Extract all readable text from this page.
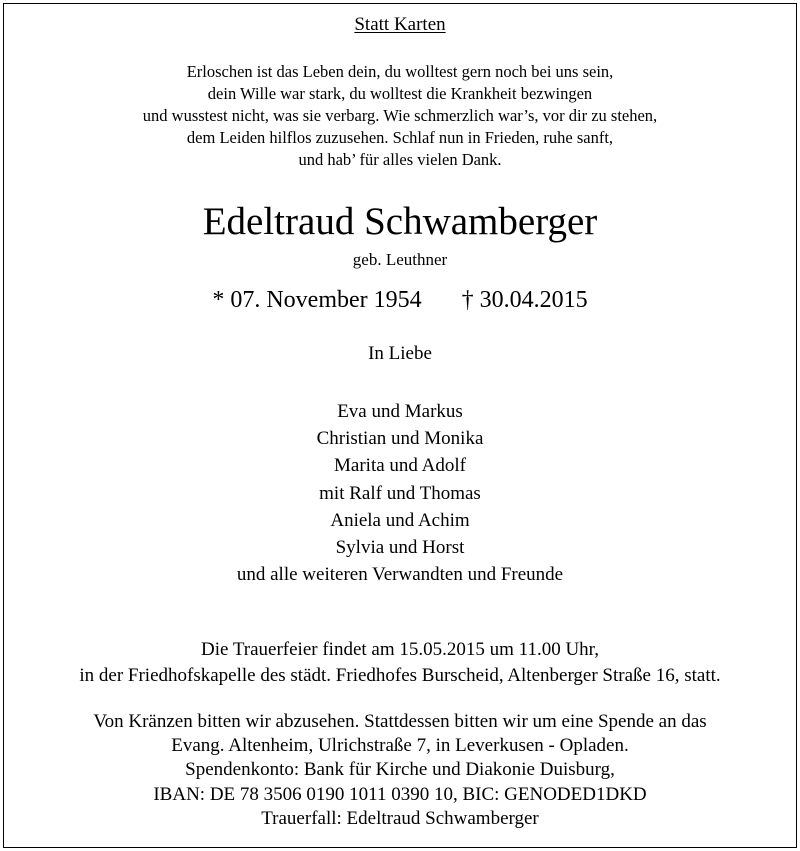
Statt Karten
Erloschen ist das Leben dein, du wolltest gern noch bei uns sein,
dein Wille war stark, du wolltest die Krankheit bezwingen
und wusstest nicht, was sie verbarg. Wie schmerzlich war’s, vor dir zu stehen,
dem Leiden hilflos zuzusehen. Schlaf nun in Frieden, ruhe sanft,
und hab’ für alles vielen Dank.
Edeltraud Schwamberger
geb. Leuthner
* 07. November 1954 † 30.04.2015
In Liebe
Eva und Markus
Christian und Monika
Marita und Adolf
mit Ralf und Thomas
Aniela und Achim
Sylvia und Horst
und alle weiteren Verwandten und Freunde
Die Trauerfeier findet am 15.05.2015 um 11.00 Uhr,
in der Friedhofskapelle des städt. Friedhofes Burscheid, Altenberger Straße 16, statt.
Von Kränzen bitten wir abzusehen. Stattdessen bitten wir um eine Spende an das
Evang. Altenheim, Ulrichstraße 7, in Leverkusen - Opladen.
Spendenkonto: Bank für Kirche und Diakonie Duisburg,
IBAN: DE 78 3506 0190 1011 0390 10, BIC: GENODED1DKD
Trauerfall: Edeltraud Schwamberger
